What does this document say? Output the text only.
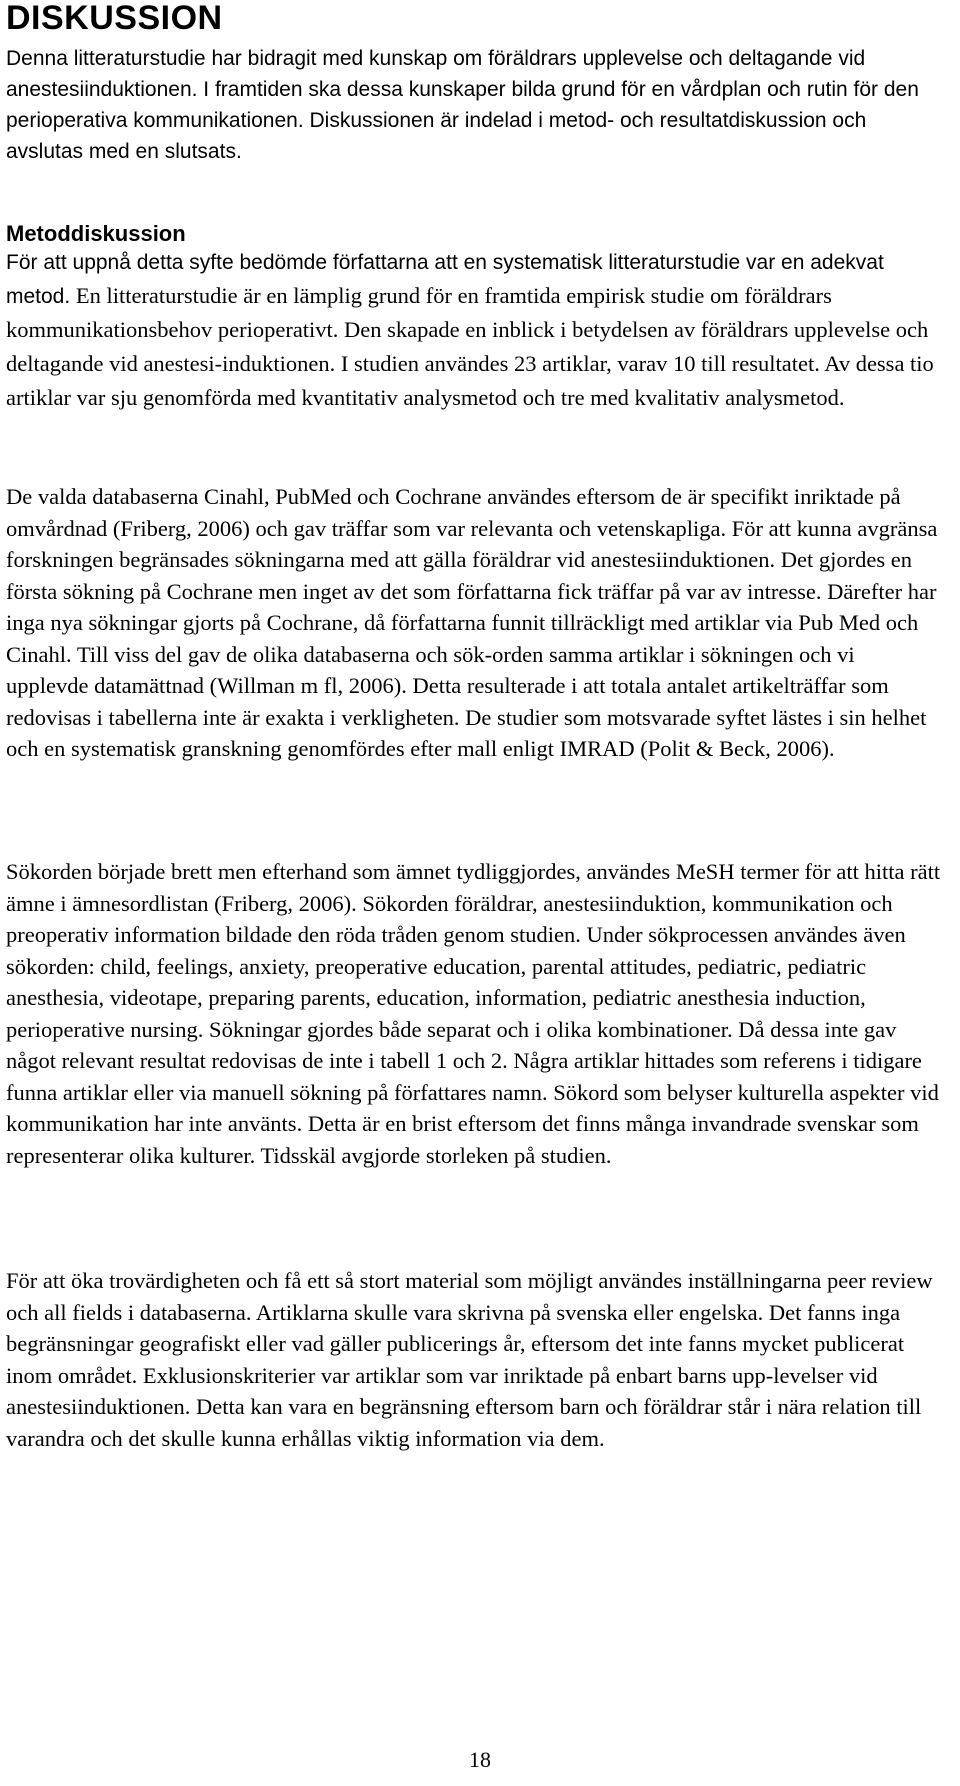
DISKUSSION

Denna litteraturstudie har bidragit med kunskap om föräldrars upplevelse och deltagande vid anestesiinduktionen. I framtiden ska dessa kunskaper bilda grund för en vårdplan och rutin för den perioperativa kommunikationen. Diskussionen är indelad i metod- och resultatdiskussion och avslutas med en slutsats.

Metoddiskussion

För att uppnå detta syfte bedömde författarna att en systematisk litteraturstudie var en adekvat metod. En litteraturstudie är en lämplig grund för en framtida empirisk studie om föräldrars kommunikationsbehov perioperativt. Den skapade en inblick i betydelsen av föräldrars upplevelse och deltagande vid anestesi-induktionen. I studien användes 23 artiklar, varav 10 till resultatet. Av dessa tio artiklar var sju genomförda med kvantitativ analysmetod och tre med kvalitativ analysmetod.

De valda databaserna Cinahl, PubMed och Cochrane användes eftersom de är specifikt inriktade på omvårdnad (Friberg, 2006) och gav träffar som var relevanta och vetenskapliga. För att kunna avgränsa forskningen begränsades sökningarna med att gälla föräldrar vid anestesiinduktionen. Det gjordes en första sökning på Cochrane men inget av det som författarna fick träffar på var av intresse. Därefter har inga nya sökningar gjorts på Cochrane, då författarna funnit tillräckligt med artiklar via Pub Med och Cinahl. Till viss del gav de olika databaserna och sök-orden samma artiklar i sökningen och vi upplevde datamättnad (Willman m fl, 2006). Detta resulterade i att totala antalet artikelträffar som redovisas i tabellerna inte är exakta i verkligheten. De studier som motsvarade syftet lästes i sin helhet och en systematisk granskning genomfördes efter mall enligt IMRAD (Polit & Beck, 2006).

Sökorden började brett men efterhand som ämnet tydliggjordes, användes MeSH termer för att hitta rätt ämne i ämnesordlistan (Friberg, 2006). Sökorden föräldrar, anestesiinduktion, kommunikation och preoperativ information bildade den röda tråden genom studien. Under sökprocessen användes även sökorden: child, feelings, anxiety, preoperative education, parental attitudes, pediatric, pediatric anesthesia, videotape, preparing parents, education, information, pediatric anesthesia induction, perioperative nursing. Sökningar gjordes både separat och i olika kombinationer. Då dessa inte gav något relevant resultat redovisas de inte i tabell 1 och 2. Några artiklar hittades som referens i tidigare funna artiklar eller via manuell sökning på författares namn. Sökord som belyser kulturella aspekter vid kommunikation har inte använts. Detta är en brist eftersom det finns många invandrade svenskar som representerar olika kulturer. Tidsskäl avgjorde storleken på studien.

För att öka trovärdigheten och få ett så stort material som möjligt användes inställningarna peer review och all fields i databaserna. Artiklarna skulle vara skrivna på svenska eller engelska. Det fanns inga begränsningar geografiskt eller vad gäller publicerings år, eftersom det inte fanns mycket publicerat inom området. Exklusionskriterier var artiklar som var inriktade på enbart barns upp-levelser vid anestesiinduktionen. Detta kan vara en begränsning eftersom barn och föräldrar står i nära relation till varandra och det skulle kunna erhållas viktig information via dem.

18
